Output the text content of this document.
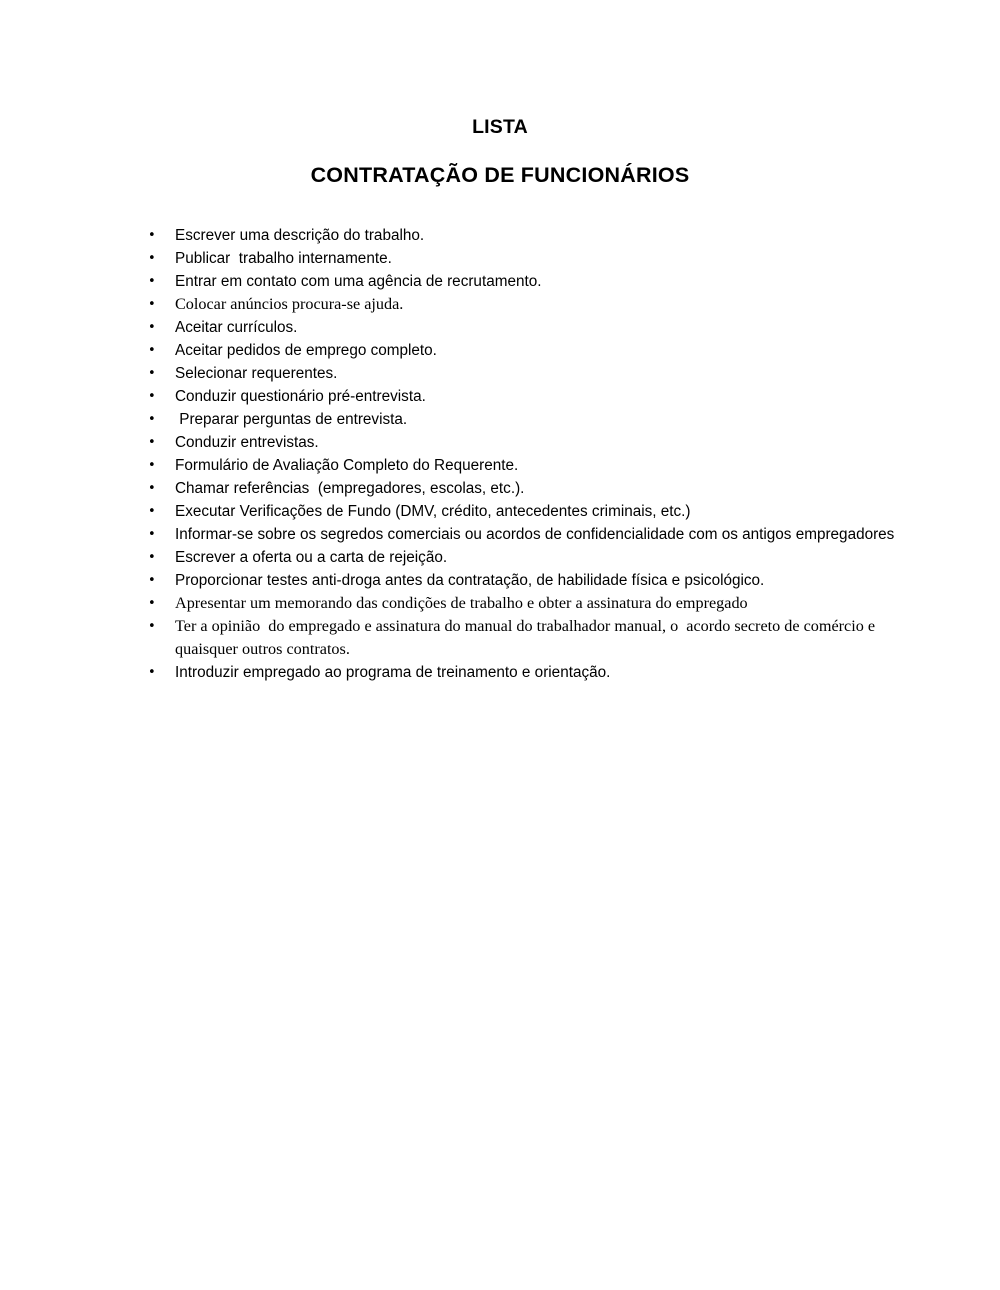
LISTA
CONTRATAÇÃO DE FUNCIONÁRIOS
• Escrever uma descrição do trabalho.
• Publicar  trabalho internamente.
• Entrar em contato com uma agência de recrutamento.
• Colocar anúncios procura-se ajuda.
• Aceitar currículos.
• Aceitar pedidos de emprego completo.
• Selecionar requerentes.
• Conduzir questionário pré-entrevista.
• Preparar perguntas de entrevista.
• Conduzir entrevistas.
• Formulário de Avaliação Completo do Requerente.
• Chamar referências  (empregadores, escolas, etc.).
• Executar Verificações de Fundo (DMV, crédito, antecedentes criminais, etc.)
• Informar-se sobre os segredos comerciais ou acordos de confidencialidade com os antigos empregadores
• Escrever a oferta ou a carta de rejeição.
• Proporcionar testes anti-droga antes da contratação, de habilidade física e psicológico.
• Apresentar um memorando das condições de trabalho e obter a assinatura do empregado
• Ter a opinião  do empregado e assinatura do manual do trabalhador manual, o  acordo secreto de comércio e  quaisquer outros contratos.
• Introduzir empregado ao programa de treinamento e orientação.
